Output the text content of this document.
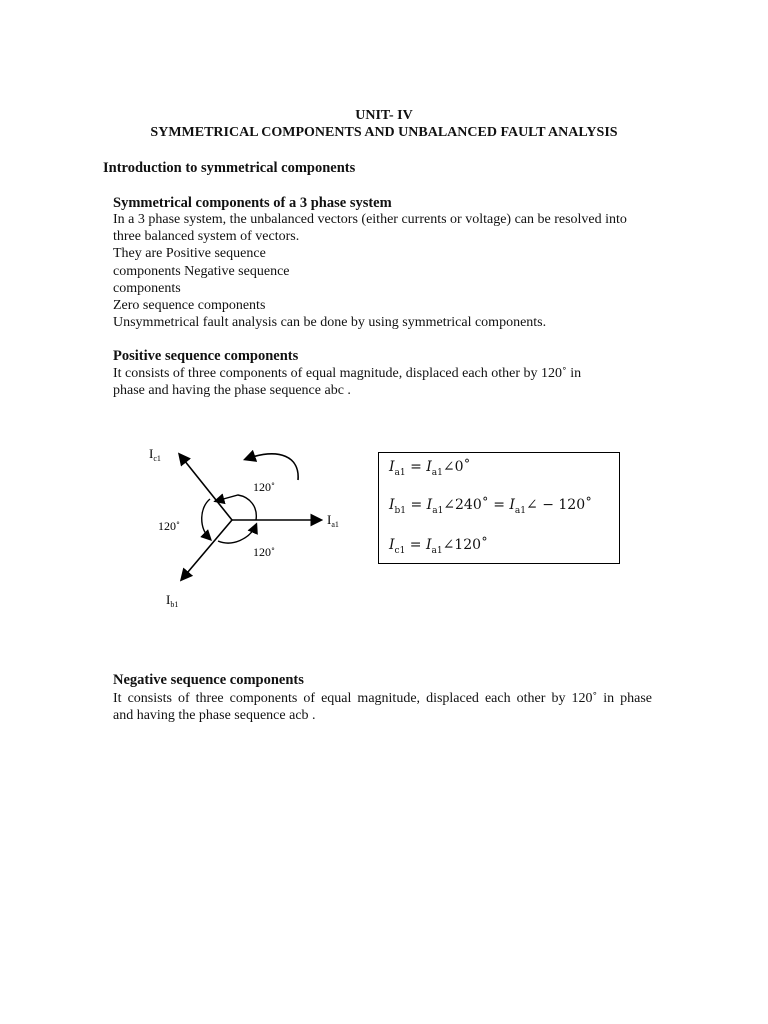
UNIT- IV
SYMMETRICAL COMPONENTS AND UNBALANCED FAULT ANALYSIS
Introduction to symmetrical components
Symmetrical components of a 3 phase system
In a 3 phase system, the unbalanced vectors (either currents or voltage) can be resolved into
three balanced system of vectors.
They are Positive sequence
components Negative sequence
components
Zero sequence components
Unsymmetrical fault analysis can be done by using symmetrical components.
Positive sequence components
It consists of three components of equal magnitude, displaced each other by 120˚ in
phase and having the phase sequence abc .
$I_{c1}$
$I_{a1}$
$I_{b1}$
120˚
120˚
120˚
$I_{a1}$ = $I_{a1}\angle 0˚$
$I_{b1}$ = $I_{a1}\angle 240˚$ = $I_{a1}\angle$ − 120˚
$I_{c1}$ = $I_{a1}\angle 120˚$
Negative sequence components
It consists of three components of equal magnitude, displaced each other by 120˚ in phase
and having the phase sequence acb .
